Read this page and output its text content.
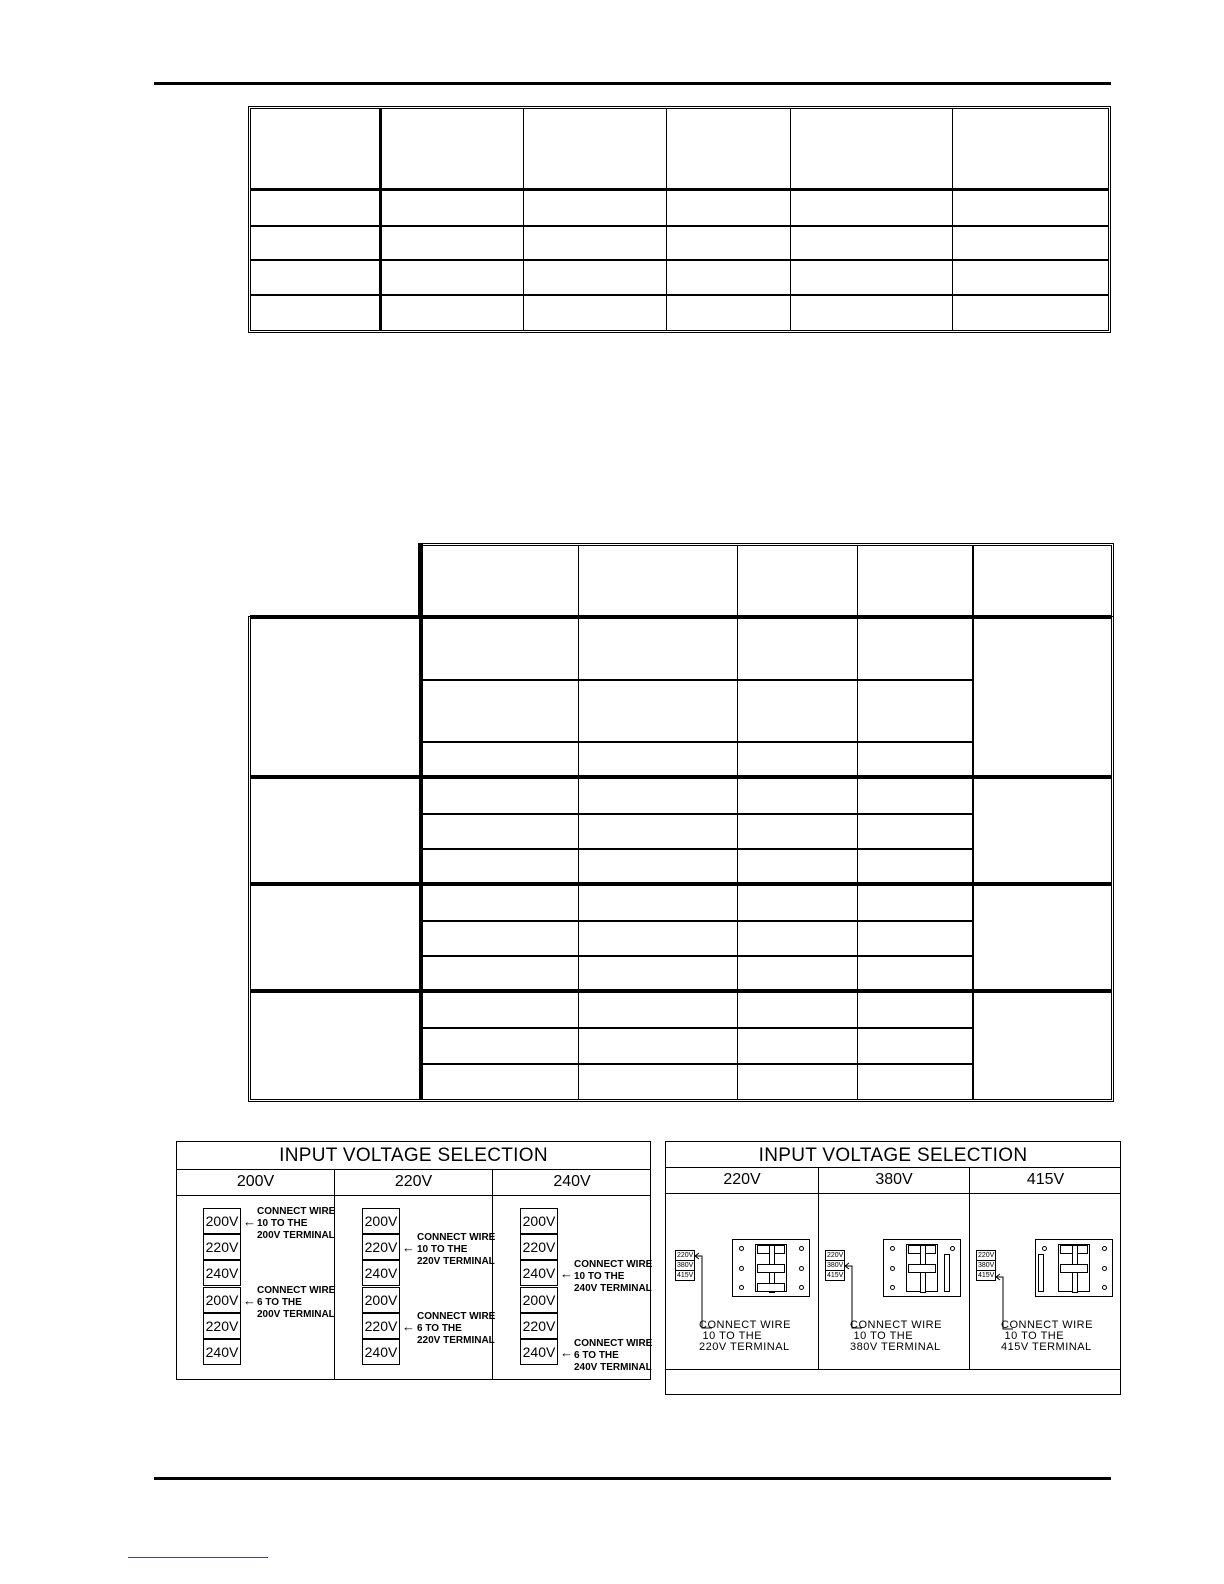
INPUT VOLTAGE SELECTION
200V	220V	240V
200V
220V
240V
200V
220V
240V
←
←
CONNECT WIRE
10 TO THE
200V TERMINAL
CONNECT WIRE
6 TO THE
200V TERMINAL
200V
220V
240V
200V
220V
240V
←
←
CONNECT WIRE
10 TO THE
220V TERMINAL
CONNECT WIRE
6 TO THE
220V TERMINAL
200V
220V
240V
200V
220V
240V
←
←
CONNECT WIRE
10 TO THE
240V TERMINAL
CONNECT WIRE
6 TO THE
240V TERMINAL
INPUT VOLTAGE SELECTION
220V	380V	415V
220V
380V
415V
CONNECT WIRE
10 TO THE
220V TERMINAL
220V
380V
415V
CONNECT WIRE
10 TO THE
380V TERMINAL
220V
380V
415V
CONNECT WIRE
10 TO THE
415V TERMINAL
